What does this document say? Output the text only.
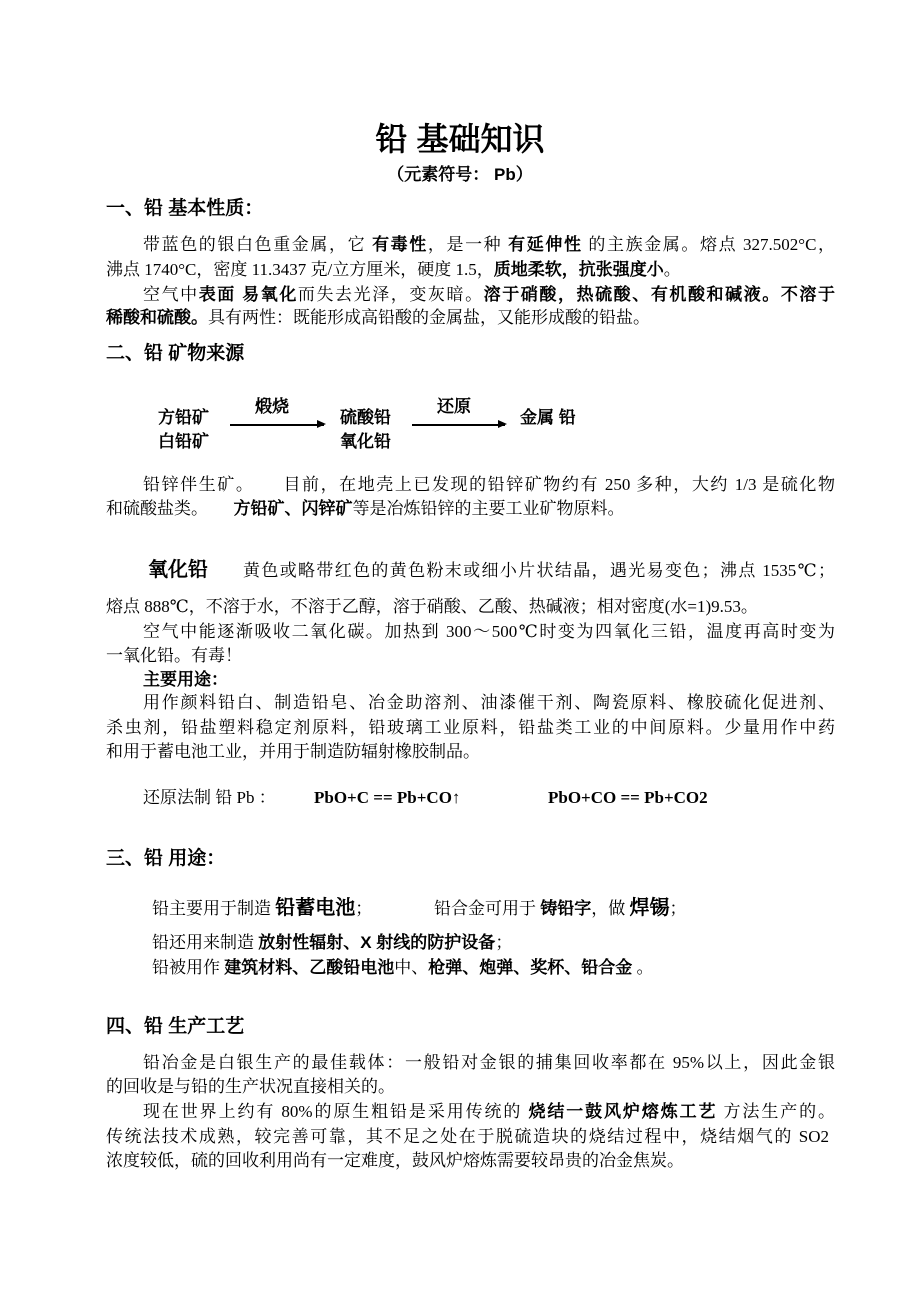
铅 基础知识
（元素符号： Pb）
一、铅 基本性质：
带蓝色的银白色重金属，它 有毒性，是一种 有延伸性 的主族金属。熔点 327.502°C，
沸点 1740°C，密度 11.3437 克/立方厘米，硬度 1.5，质地柔软，抗张强度小。
空气中表面 易氧化而失去光泽，变灰暗。溶于硝酸，热硫酸、有机酸和碱液。不溶于
稀酸和硫酸。具有两性：既能形成高铅酸的金属盐，又能形成酸的铅盐。
二、铅 矿物来源
方铅矿
白铅矿
煅烧
硫酸铅
氧化铅
还原
金属 铅
铅锌伴生矿。     目前，在地壳上已发现的铅锌矿物约有 250 多种，大约 1/3 是硫化物
和硫酸盐类。      方铅矿、闪锌矿等是冶炼铅锌的主要工业矿物原料。
氧化铅 黄色或略带红色的黄色粉末或细小片状结晶，遇光易变色；沸点 1535℃；
熔点 888℃，不溶于水，不溶于乙醇，溶于硝酸、乙酸、热碱液；相对密度(水=1)9.53。
空气中能逐渐吸收二氧化碳。加热到 300～500℃时变为四氧化三铅，温度再高时变为
一氧化铅。有毒！
主要用途：
用作颜料铅白、制造铅皂、冶金助溶剂、油漆催干剂、陶瓷原料、橡胶硫化促进剂、
杀虫剂，铅盐塑料稳定剂原料，铅玻璃工业原料，铅盐类工业的中间原料。少量用作中药
和用于蓄电池工业，并用于制造防辐射橡胶制品。
还原法制 铅 Pb ： PbO+C == Pb+CO↑	PbO+CO == Pb+CO2
三、铅 用途：
铅主要用于制造 铅蓄电池；	铅合金可用于 铸铅字，做 焊锡；
铅还用来制造 放射性辐射、X 射线的防护设备；
铅被用作 建筑材料、乙酸铅电池中、枪弹、炮弹、奖杯、铅合金 。
四、铅 生产工艺
铅冶金是白银生产的最佳载体：一般铅对金银的捕集回收率都在 95%以上，因此金银
的回收是与铅的生产状况直接相关的。
现在世界上约有 80%的原生粗铅是采用传统的 烧结一鼓风炉熔炼工艺 方法生产的。
传统法技术成熟，较完善可靠，其不足之处在于脱硫造块的烧结过程中，烧结烟气的 SO2
浓度较低，硫的回收利用尚有一定难度，鼓风炉熔炼需要较昂贵的冶金焦炭。
